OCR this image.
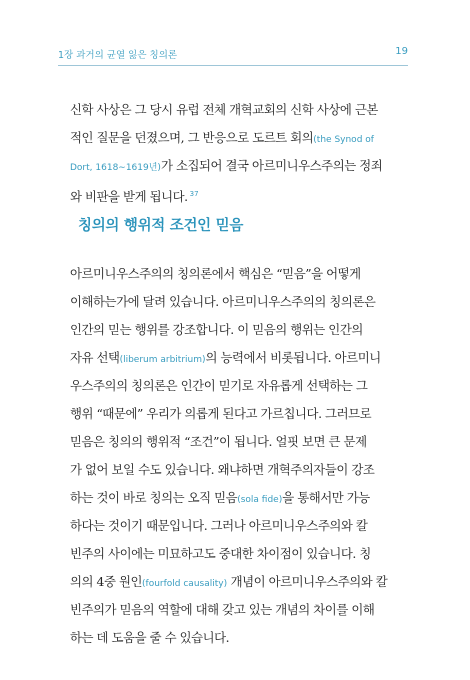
1장 과거의 균열 잃은 칭의론	19
신학 사상은 그 당시 유럽 전체 개혁교회의 신학 사상에 근본
적인 질문을 던졌으며, 그 반응으로 도르트 회의(the Synod of
Dort, 1618∼1619년)가 소집되어 결국 아르미니우스주의는 정죄
와 비판을 받게 됩니다. $^{37}$
칭의의 행위적 조건인 믿음
아르미니우스주의의 칭의론에서 핵심은 “믿음”을 어떻게
이해하는가에 달려 있습니다. 아르미니우스주의의 칭의론은
인간의 믿는 행위를 강조합니다. 이 믿음의 행위는 인간의
자유 선택(liberum arbitrium)의 능력에서 비롯됩니다. 아르미니
우스주의의 칭의론은 인간이 믿기로 자유롭게 선택하는 그
행위 “때문에” 우리가 의롭게 된다고 가르칩니다. 그러므로
믿음은 칭의의 행위적 “조건”이 됩니다. 얼핏 보면 큰 문제
가 없어 보일 수도 있습니다. 왜냐하면 개혁주의자들이 강조
하는 것이 바로 칭의는 오직 믿음(sola fide)을 통해서만 가능
하다는 것이기 때문입니다. 그러나 아르미니우스주의와 칼
빈주의 사이에는 미묘하고도 중대한 차이점이 있습니다. 칭
의의 4중 원인(fourfold causality) 개념이 아르미니우스주의와 칼
빈주의가 믿음의 역할에 대해 갖고 있는 개념의 차이를 이해
하는 데 도움을 줄 수 있습니다.
